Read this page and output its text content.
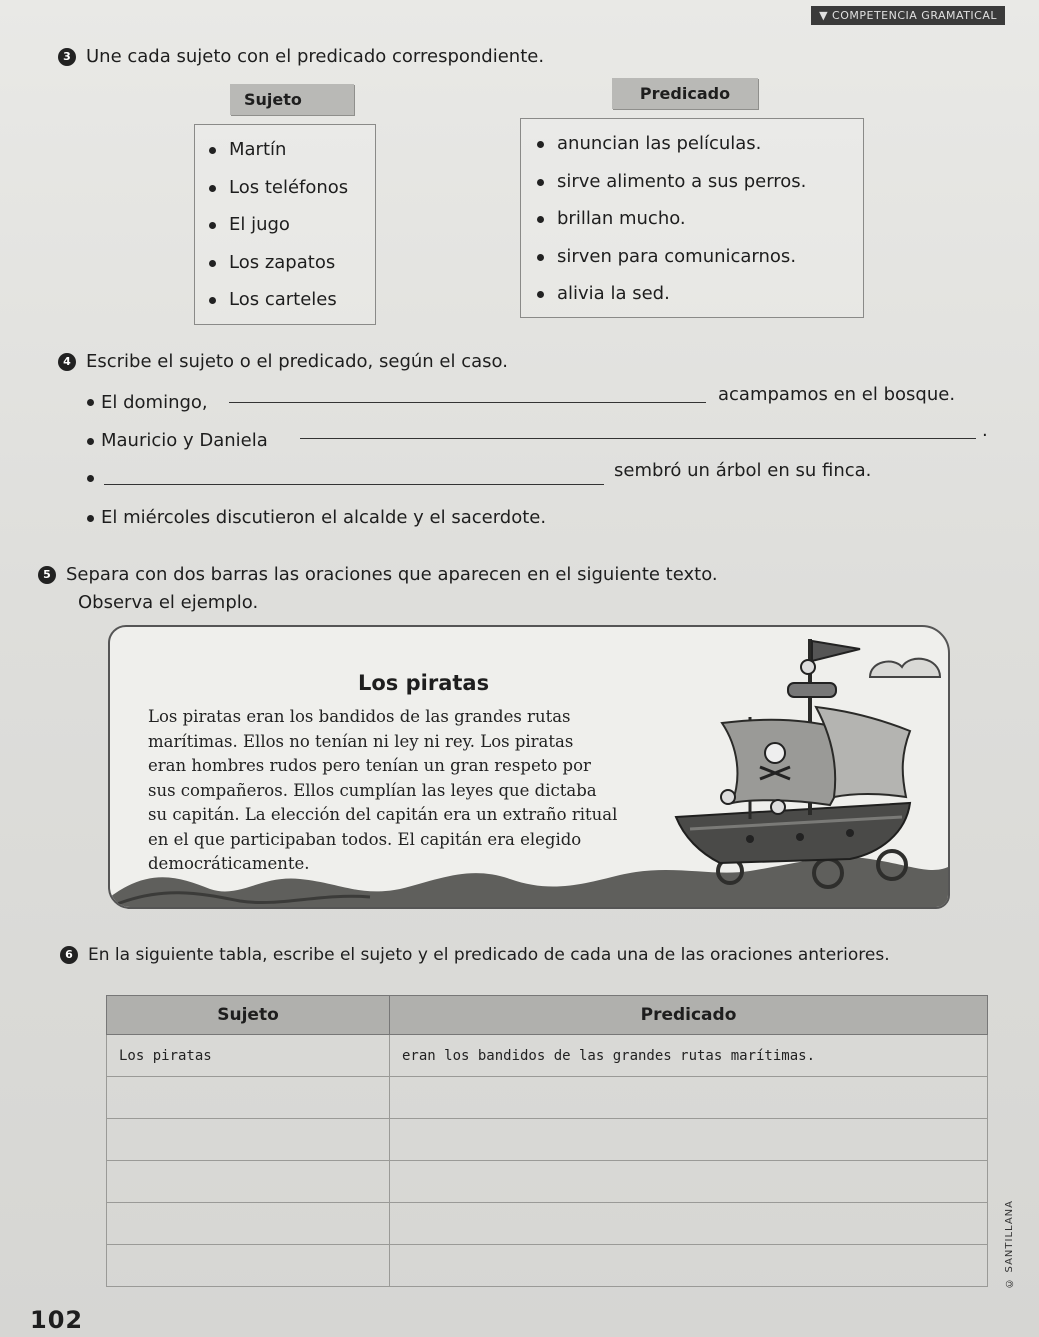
▼ COMPETENCIA GRAMATICAL
3 Une cada sujeto con el predicado correspondiente.
Sujeto	Predicado
Martín
Los teléfonos
El jugo
Los zapatos
Los carteles
anuncian las películas.
sirve alimento a sus perros.
brillan mucho.
sirven para comunicarnos.
alivia la sed.
4 Escribe el sujeto o el predicado, según el caso.
El domingo,	acampamos en el bosque.
Mauricio y Daniela	.
sembró un árbol en su finca.
El miércoles discutieron el alcalde y el sacerdote.
5 Separa con dos barras las oraciones que aparecen en el siguiente texto.
Observa el ejemplo.
Los piratas
Los piratas eran los bandidos de las grandes rutas
marítimas. Ellos no tenían ni ley ni rey. Los piratas
eran hombres rudos pero tenían un gran respeto por
sus compañeros. Ellos cumplían las leyes que dictaba
su capitán. La elección del capitán era un extraño ritual
en el que participaban todos. El capitán era elegido
democráticamente.
6 En la siguiente tabla, escribe el sujeto y el predicado de cada una de las oraciones anteriores.
Sujeto	Predicado
Los piratas	eran los bandidos de las grandes rutas marítimas.

102
© SANTILLANA
